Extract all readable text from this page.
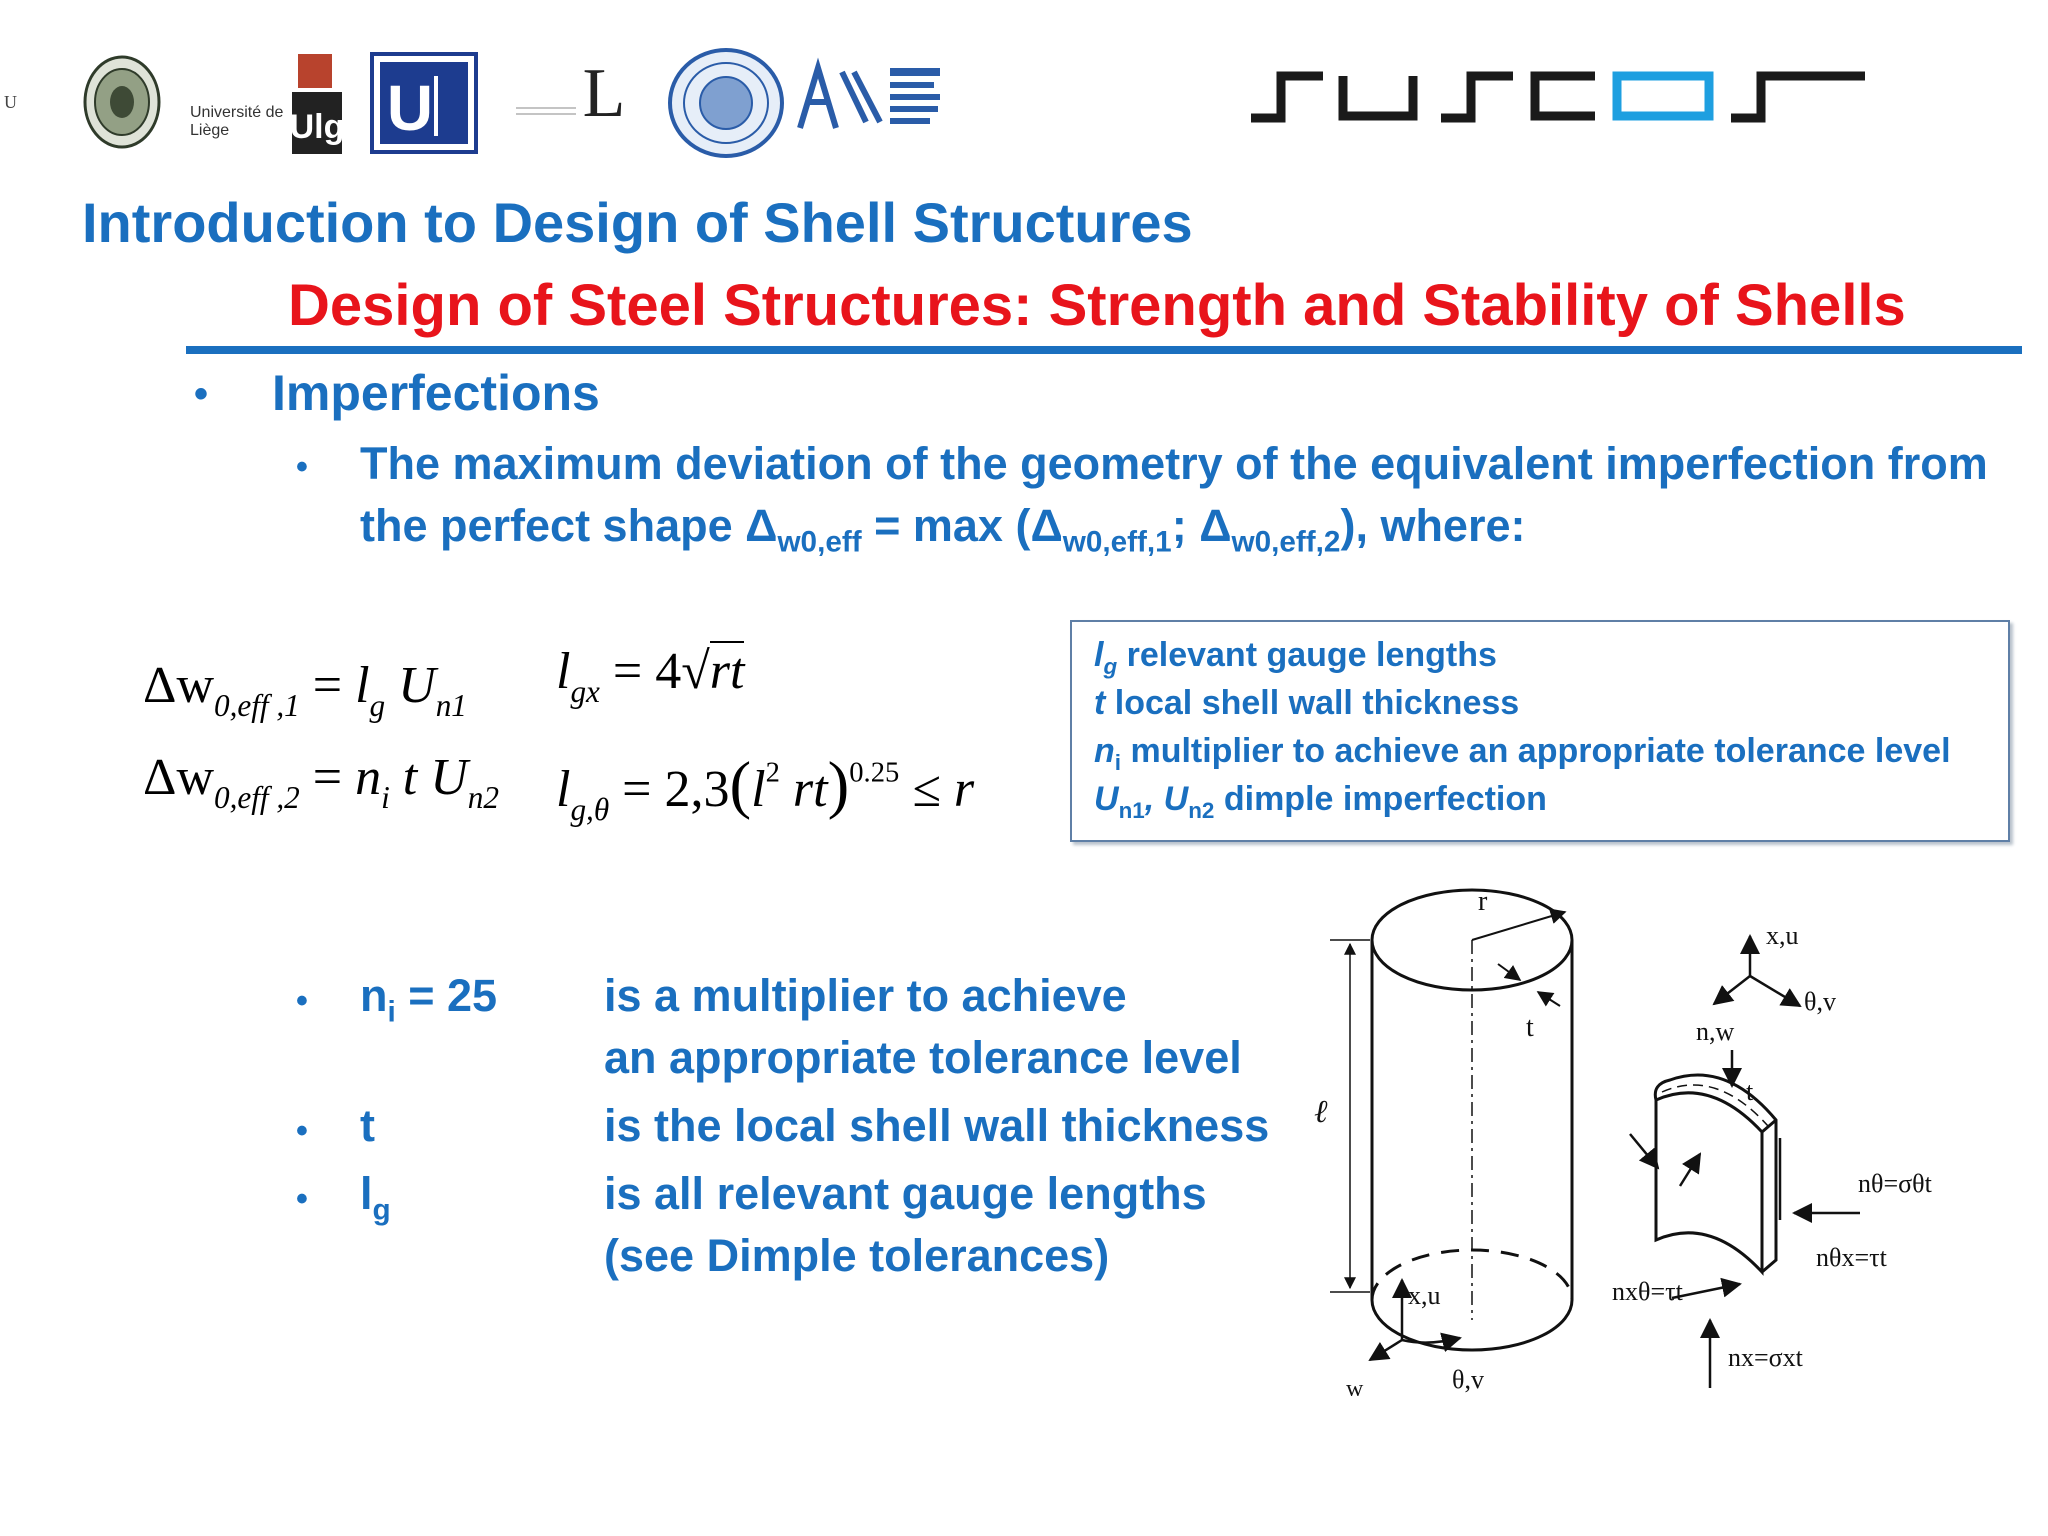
U
Université de Liège	Ulg U L
Introduction to Design of Shell Structures
Design of Steel Structures: Strength and Stability of Shells
• Imperfections
• The maximum deviation of the geometry of the equivalent imperfection from
the perfect shape $\Delta_{w0,eff} = \max (\Delta_{w0,eff,1}$; $\Delta_{w0,eff,2}$), where:
$\Delta w_{0,eff ,1} = l_g$ $U_{n1}$
$\Delta w_{0,eff ,2} = n_i$ t $U_{n2}$
$l_{gx} = 4√rt$
$l_{g,\theta} = 2,3(l^2$ rt)$^{0.25}$ ≤ r
$l_g$ relevant gauge lengths
t local shell wall thickness
$n_i$ multiplier to achieve an appropriate tolerance level
$U_{n1}$, $U_{n2}$ dimple imperfection
• $n_i = 25$ is a multiplier to achieve
an appropriate tolerance level
• t	is the local shell wall thickness
• $l_g$	is all relevant gauge lengths
(see Dimple tolerances)
r
t
ℓ
x,u
w	θ,v
x,u
n,w
θ,v
t
nθ=σθt
nθx=τt
nxθ=τt
nx=σxt
